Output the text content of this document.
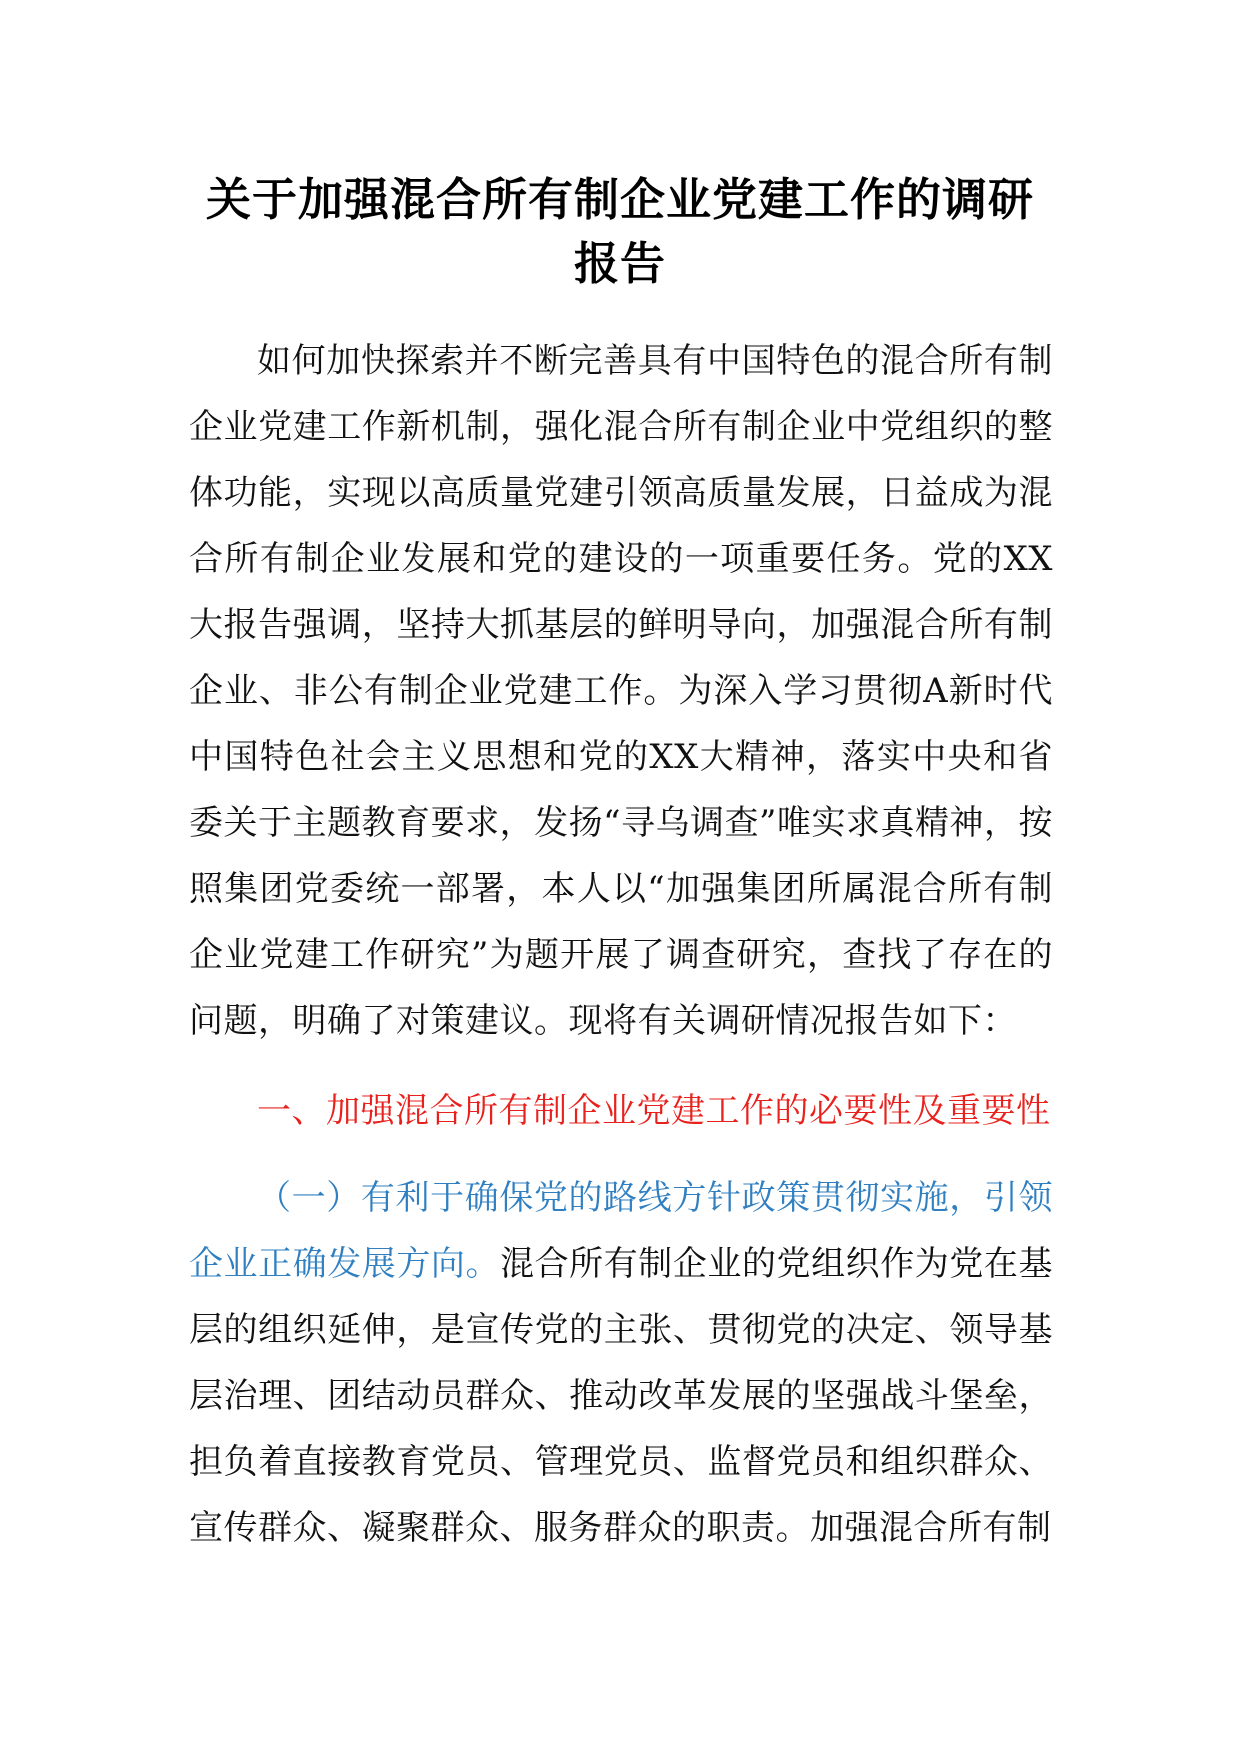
关于加强混合所有制企业党建工作的调研报告

如何加快探索并不断完善具有中国特色的混合所有制企业党建工作新机制，强化混合所有制企业中党组织的整体功能，实现以高质量党建引领高质量发展，日益成为混合所有制企业发展和党的建设的一项重要任务。党的XX大报告强调，坚持大抓基层的鲜明导向，加强混合所有制企业、非公有制企业党建工作。为深入学习贯彻A新时代中国特色社会主义思想和党的XX大精神，落实中央和省委关于主题教育要求，发扬“寻乌调查”唯实求真精神，按照集团党委统一部署，本人以“加强集团所属混合所有制企业党建工作研究”为题开展了调查研究，查找了存在的问题，明确了对策建议。现将有关调研情况报告如下：

一、加强混合所有制企业党建工作的必要性及重要性

（一）有利于确保党的路线方针政策贯彻实施，引领企业正确发展方向。混合所有制企业的党组织作为党在基层的组织延伸，是宣传党的主张、贯彻党的决定、领导基层治理、团结动员群众、推动改革发展的坚强战斗堡垒，担负着直接教育党员、管理党员、监督党员和组织群众、宣传群众、凝聚群众、服务群众的职责。加强混合所有制
